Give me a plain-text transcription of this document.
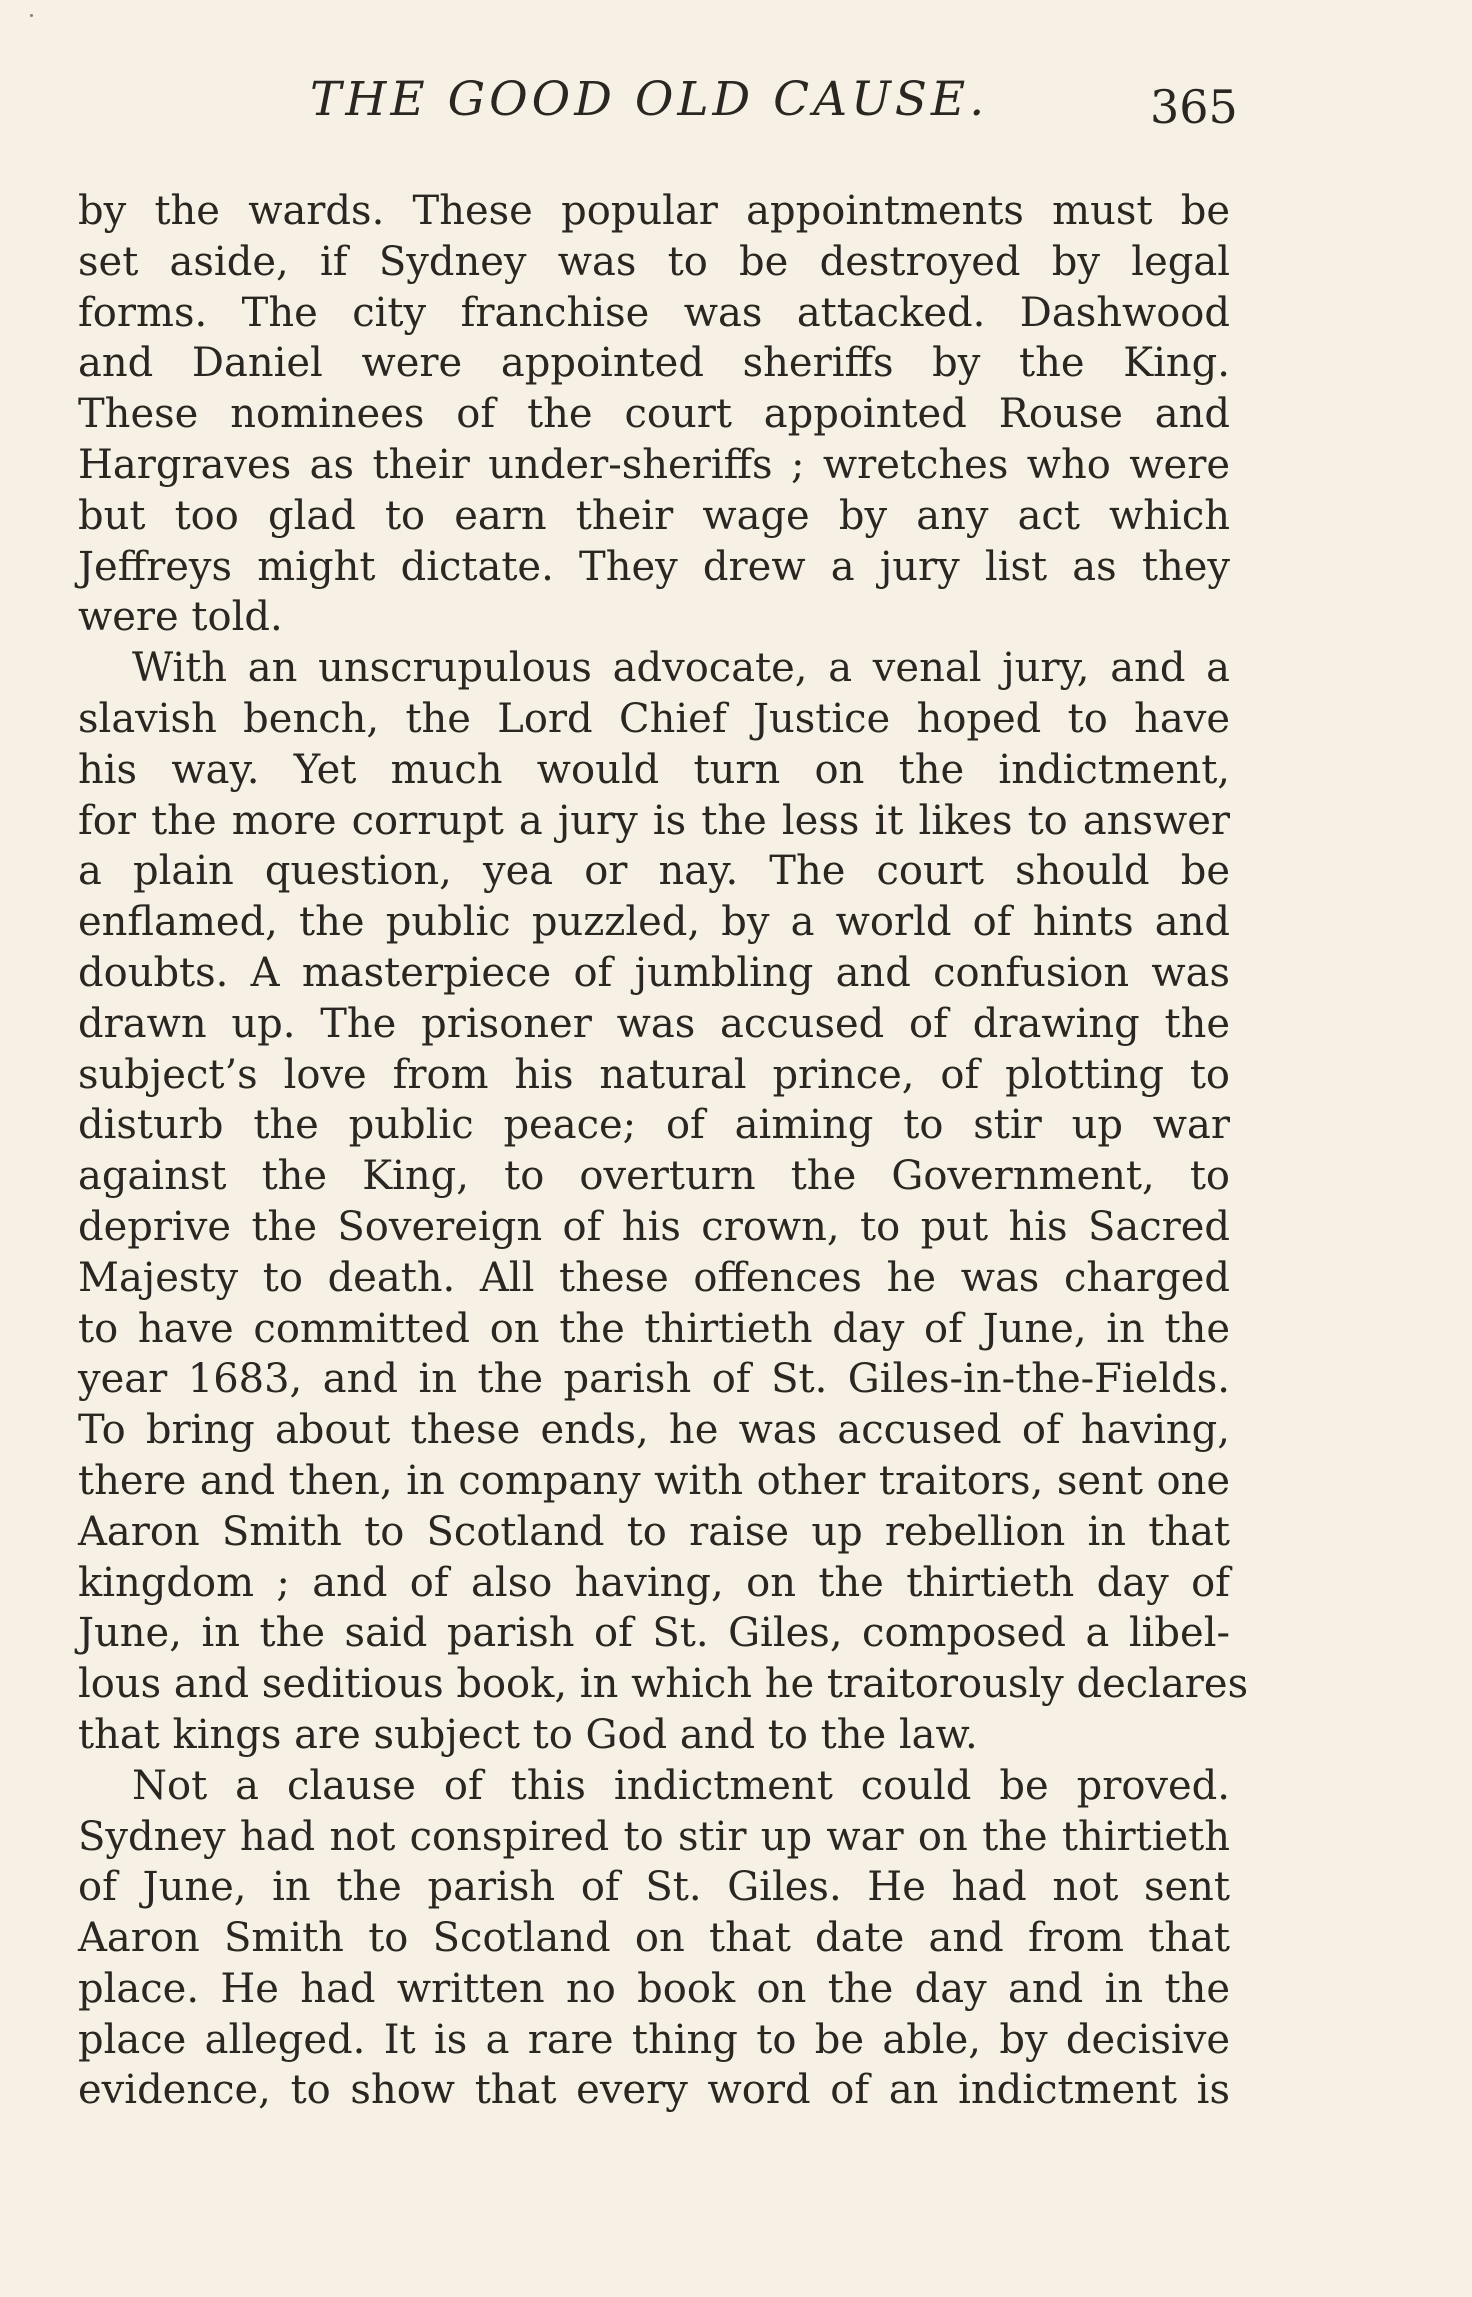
THE GOOD OLD CAUSE.	365
by the wards. These popular appointments must be
set aside, if Sydney was to be destroyed by legal
forms. The city franchise was attacked. Dashwood
and Daniel were appointed sheriffs by the King.
These nominees of the court appointed Rouse and
Hargraves as their under-sheriffs ; wretches who were
but too glad to earn their wage by any act which
Jeffreys might dictate. They drew a jury list as they
were told.
With an unscrupulous advocate, a venal jury, and a
slavish bench, the Lord Chief Justice hoped to have
his way. Yet much would turn on the indictment,
for the more corrupt a jury is the less it likes to answer
a plain question, yea or nay. The court should be
enflamed, the public puzzled, by a world of hints and
doubts. A masterpiece of jumbling and confusion was
drawn up. The prisoner was accused of drawing the
subject’s love from his natural prince, of plotting to
disturb the public peace; of aiming to stir up war
against the King, to overturn the Government, to
deprive the Sovereign of his crown, to put his Sacred
Majesty to death. All these offences he was charged
to have committed on the thirtieth day of June, in the
year 1683, and in the parish of St. Giles-in-the-Fields.
To bring about these ends, he was accused of having,
there and then, in company with other traitors, sent one
Aaron Smith to Scotland to raise up rebellion in that
kingdom ; and of also having, on the thirtieth day of
June, in the said parish of St. Giles, composed a libel-
lous and seditious book, in which he traitorously declares
that kings are subject to God and to the law.
Not a clause of this indictment could be proved.
Sydney had not conspired to stir up war on the thirtieth
of June, in the parish of St. Giles. He had not sent
Aaron Smith to Scotland on that date and from that
place. He had written no book on the day and in the
place alleged. It is a rare thing to be able, by decisive
evidence, to show that every word of an indictment is
